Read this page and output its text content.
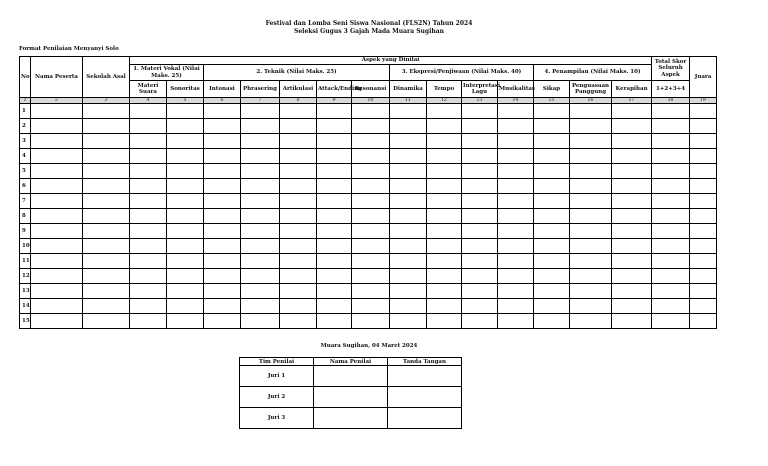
Festival dan Lomba Seni Siswa Nasional (FLS2N) Tahun 2024
Seleksi Gugus 3 Gajah Mada Muara Sugihan
Format Penilaian Menyanyi Solo
No	Nama Peserta	Sekolah Asal	Aspek yang Dinilai														Total Skor Seluruh Aspek	Juara
			1. Materi Vokal (Nilai Maks. 25)		2. Teknik (Nilai Maks. 25)					3. Ekspresi/Penjiwaan (Nilai Maks. 40)				4. Penampilan (Nilai Maks. 10)				
			Materi Suara	Sonoritas	Intonasi	Phrasering	Artikulasi	Attack/Ending	Resonansi	Dinamika	Tempo	Interpretasi Lagu	Musikalitas	Sikap	Penguasaan Panggung	Kerapihan	1+2+3+4	
1	2	3	4	5	6	7	8	9	10	11	12	13	14	15	16	17	18	19
1																		
2																		
3																		
4																		
5																		
6																		
7																		
8																		
9																		
10																		
11																		
12																		
13																		
14																		
15																		
Muara Sugihan, 04 Maret 2024
Tim Penilai	Nama Penilai	Tanda Tangan
Juri 1		
Juri 2		
Juri 3		
